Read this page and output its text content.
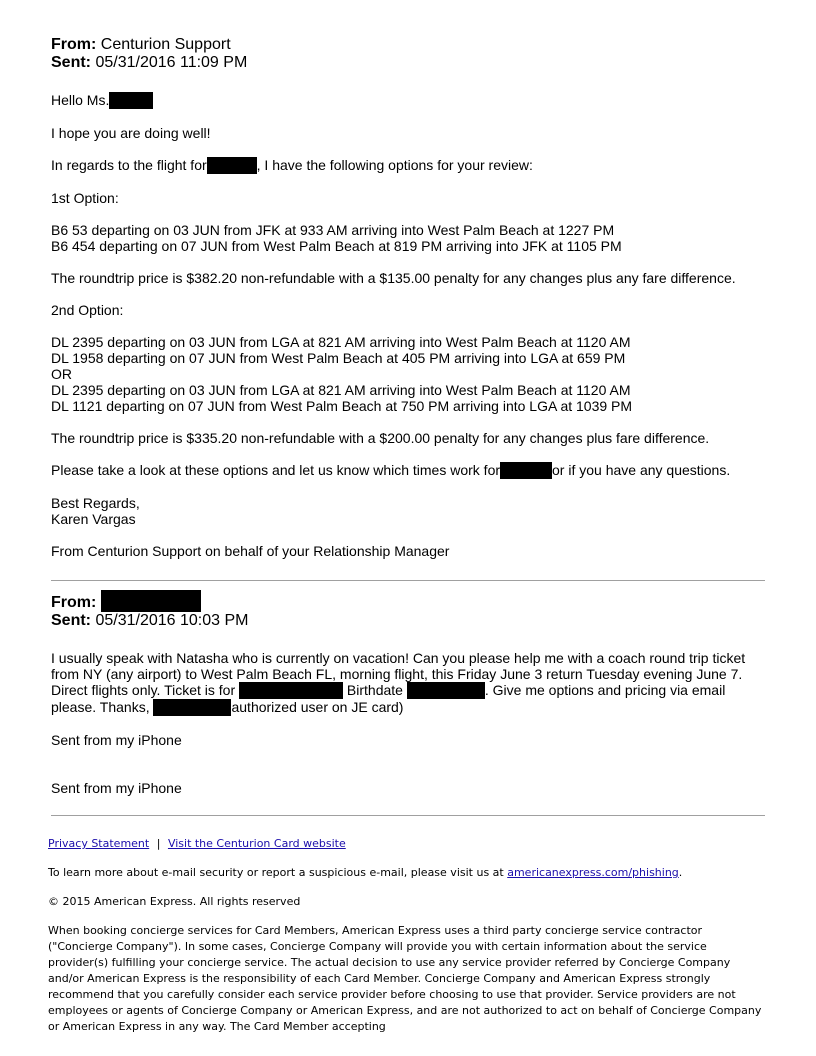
From: Centurion Support
Sent: 05/31/2016 11:09 PM

Hello Ms.

I hope you are doing well!

In regards to the flight for	, I have the following options for your review:

1st Option:

B6 53 departing on 03 JUN from JFK at 933 AM arriving into West Palm Beach at 1227 PM

B6 454 departing on 07 JUN from West Palm Beach at 819 PM arriving into JFK at 1105 PM

The roundtrip price is $382.20 non-refundable with a $135.00 penalty for any changes plus any fare difference.

2nd Option:

DL 2395 departing on 03 JUN from LGA at 821 AM arriving into West Palm Beach at 1120 AM

DL 1958 departing on 07 JUN from West Palm Beach at 405 PM arriving into LGA at 659 PM

OR

DL 2395 departing on 03 JUN from LGA at 821 AM arriving into West Palm Beach at 1120 AM

DL 1121 departing on 07 JUN from West Palm Beach at 750 PM arriving into LGA at 1039 PM

The roundtrip price is $335.20 non-refundable with a $200.00 penalty for any changes plus fare difference.

Please take a look at these options and let us know which times work for	or if you have any questions.

Best Regards,

Karen Vargas

From Centurion Support on behalf of your Relationship Manager

From:
Sent: 05/31/2016 10:03 PM

I usually speak with Natasha who is currently on vacation! Can you please help me with a coach round trip ticket

from NY (any airport) to West Palm Beach FL, morning flight, this Friday June 3 return Tuesday evening June 7.

Direct flights only. Ticket is for	Birthdate	. Give me options and pricing via email

please. Thanks,	authorized user on JE card)

Sent from my iPhone

Sent from my iPhone

Privacy Statement | Visit the Centurion Card website

To learn more about e-mail security or report a suspicious e-mail, please visit us at americanexpress.com/phishing.

© 2015 American Express. All rights reserved

When booking concierge services for Card Members, American Express uses a third party concierge service contractor ("Concierge Company"). In some cases, Concierge Company will provide you with certain information about the service provider(s) fulfilling your concierge service. The actual decision to use any service provider referred by Concierge Company and/or American Express is the responsibility of each Card Member. Concierge Company and American Express strongly recommend that you carefully consider each service provider before choosing to use that provider. Service providers are not employees or agents of Concierge Company or American Express, and are not authorized to act on behalf of Concierge Company or American Express in any way. The Card Member accepting
